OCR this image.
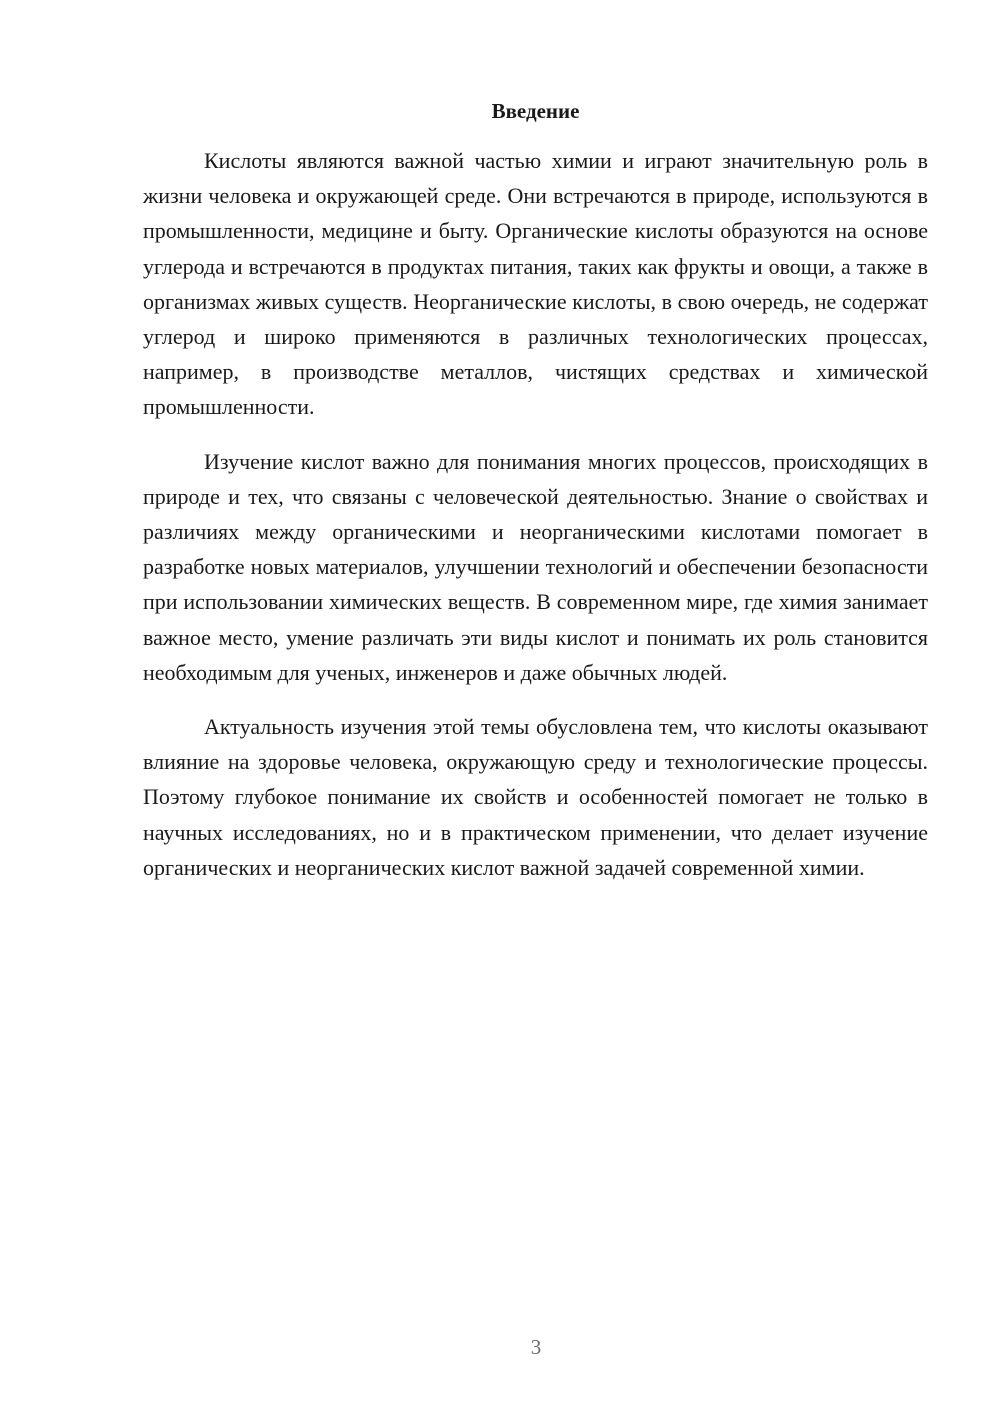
Введение

Кислоты являются важной частью химии и играют значительную роль в жизни человека и окружающей среде. Они встречаются в природе, используются в промышленности, медицине и быту. Органические кислоты образуются на основе углерода и встречаются в продуктах питания, таких как фрукты и овощи, а также в организмах живых существ. Неорганические кислоты, в свою очередь, не содержат углерод и широко применяются в различных технологических процессах, например, в производстве металлов, чистящих средствах и химической промышленности.

Изучение кислот важно для понимания многих процессов, происходящих в природе и тех, что связаны с человеческой деятельностью. Знание о свойствах и различиях между органическими и неорганическими кислотами помогает в разработке новых материалов, улучшении технологий и обеспечении безопасности при использовании химических веществ. В современном мире, где химия занимает важное место, умение различать эти виды кислот и понимать их роль становится необходимым для ученых, инженеров и даже обычных людей.

Актуальность изучения этой темы обусловлена тем, что кислоты оказывают влияние на здоровье человека, окружающую среду и технологические процессы. Поэтому глубокое понимание их свойств и особенностей помогает не только в научных исследованиях, но и в практическом применении, что делает изучение органических и неорганических кислот важной задачей современной химии.

3
